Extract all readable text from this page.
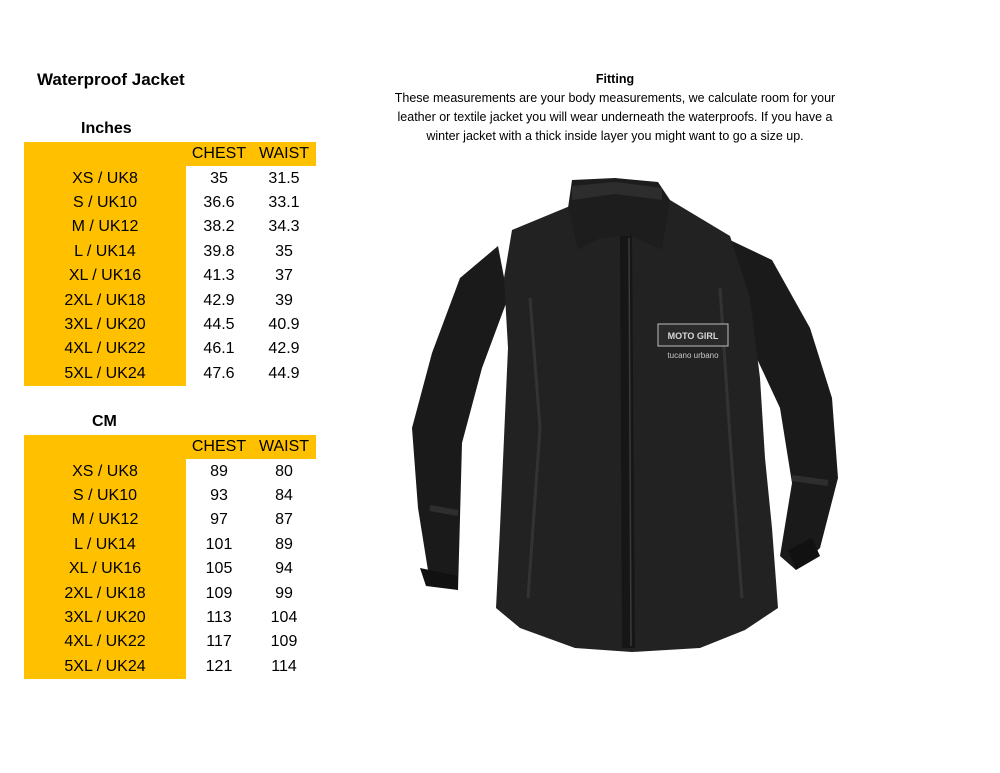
Waterproof Jacket
Inches
	CHEST	WAIST
XS / UK8	35	31.5
S / UK10	36.6	33.1
M / UK12	38.2	34.3
L / UK14	39.8	35
XL / UK16	41.3	37
2XL / UK18	42.9	39
3XL / UK20	44.5	40.9
4XL / UK22	46.1	42.9
5XL / UK24	47.6	44.9
CM
	CHEST	WAIST
XS / UK8	89	80
S / UK10	93	84
M / UK12	97	87
L / UK14	101	89
XL / UK16	105	94
2XL / UK18	109	99
3XL / UK20	113	104
4XL / UK22	117	109
5XL / UK24	121	114
Fitting

These measurements are your body measurements, we calculate room for your leather or textile jacket you will wear underneath the waterproofs. If you have a winter jacket with a thick inside layer you might want to go a size up.

MOTO GIRL
tucano urbano
